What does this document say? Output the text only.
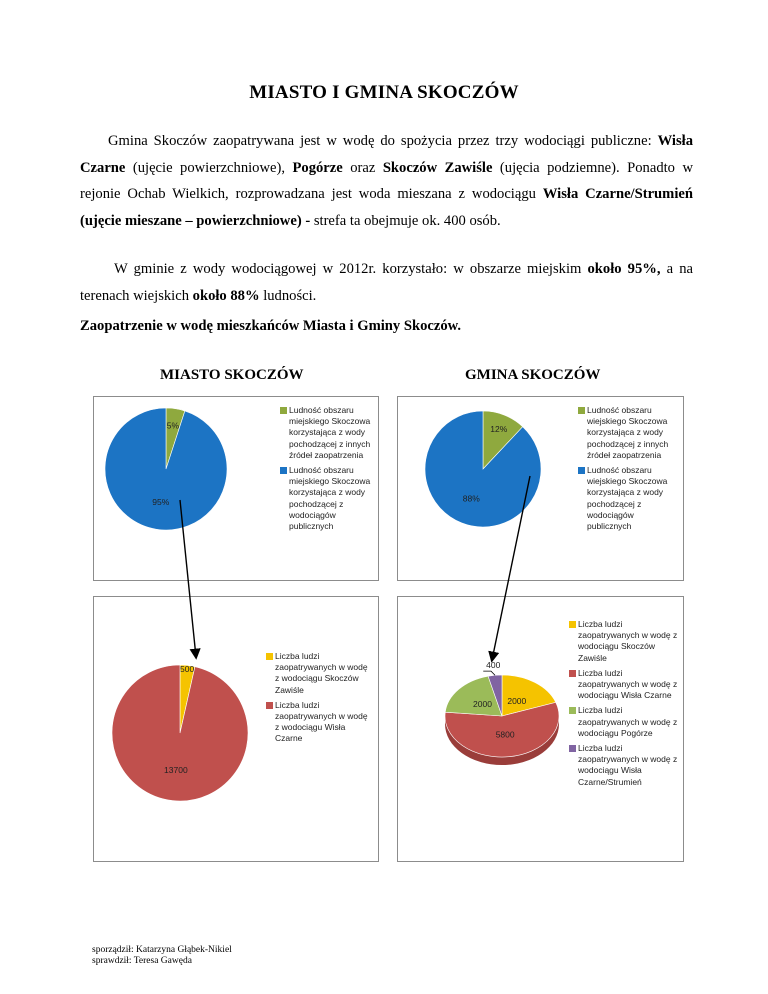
MIASTO I GMINA SKOCZÓW

Gmina Skoczów zaopatrywana jest w wodę do spożycia przez trzy wodociągi publiczne: Wisła Czarne (ujęcie powierzchniowe), Pogórze oraz Skoczów Zawiśle (ujęcia podziemne). Ponadto w rejonie Ochab Wielkich, rozprowadzana jest woda mieszana z wodociągu Wisła Czarne/Strumień (ujęcie mieszane – powierzchniowe) - strefa ta obejmuje ok. 400 osób.

W gminie z wody wodociągowej w 2012r. korzystało: w obszarze miejskim około 95%, a na terenach wiejskich około 88% ludności.

Zaopatrzenie w wodę mieszkańców Miasta i Gminy Skoczów.

MIASTO SKOCZÓW	GMINA SKOCZÓW
5%
95%
Ludność obszaru miejskiego Skoczowa korzystająca z wody pochodzącej z innych źródeł zaopatrzenia
Ludność obszaru miejskiego Skoczowa korzystająca z wody pochodzącej z wodociągów publicznych
12%
88%
Ludność obszaru wiejskiego Skoczowa korzystająca z wody pochodzącej z innych źródeł zaopatrzenia
Ludność obszaru wiejskiego Skoczowa korzystająca z wody pochodzącej z wodociągów publicznych
500
13700
Liczba ludzi zaopatrywanych w wodę z wodociągu Skoczów Zawiśle
Liczba ludzi zaopatrywanych w wodę z wodociągu Wisła Czarne
2000
5800
2000
400
Liczba ludzi zaopatrywanych w wodę z wodociągu Skoczów Zawiśle
Liczba ludzi zaopatrywanych w wodę z wodociągu Wisła Czarne
Liczba ludzi zaopatrywanych w wodę z wodociągu Pogórze
Liczba ludzi zaopatrywanych w wodę z wodociągu Wisła Czarne/Strumień
sporządził: Katarzyna Głąbek-Nikiel
sprawdził: Teresa Gawęda
